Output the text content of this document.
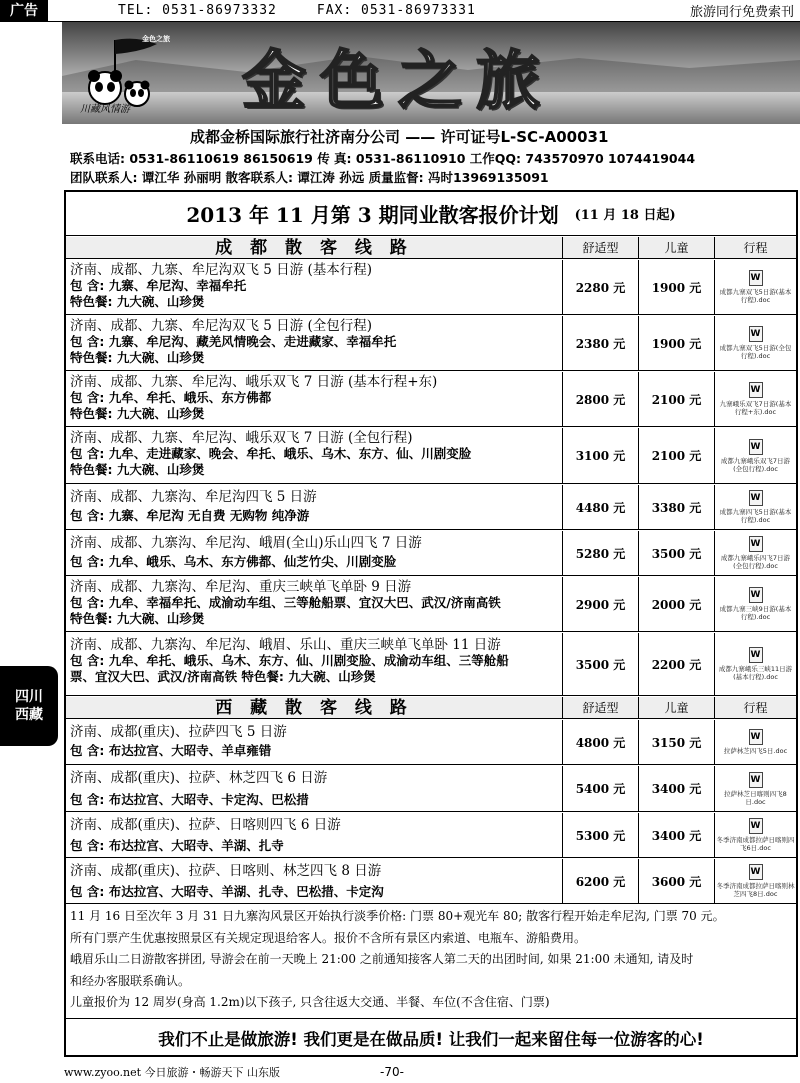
广告	TEL: 0531-86973332	FAX: 0531-86973331	旅游同行免费索刊
金色之旅
金色之旅
川藏风情游
成都金桥国际旅行社济南分公司 —— 许可证号L-SC-A00031
联系电话: 0531-86110619 86150619 传 真: 0531-86110910 工作QQ: 743570970 1074419044
团队联系人: 谭江华 孙丽明 散客联系人: 谭江涛 孙远 质量监督: 冯时13969135091
四川
西藏
2013 年 11 月第 3 期同业散客报价计划 (11 月 18 日起)
成 都 散 客 线 路	舒适型	儿童	行程
济南、成都、九寨、牟尼沟双飞 5 日游 (基本行程)
包 含: 九寨、牟尼沟、幸福牟托
特色餐: 九大碗、山珍煲
2280 元	1900 元
W
成都九寨双飞5日游(基本行程).doc
济南、成都、九寨、牟尼沟双飞 5 日游 (全包行程)
包 含: 九寨、牟尼沟、藏羌风情晚会、走进藏家、幸福牟托
特色餐: 九大碗、山珍煲
2380 元	1900 元
W
成都九寨双飞5日游(全包行程).doc
济南、成都、九寨、牟尼沟、峨乐双飞 7 日游 (基本行程+东)
包 含: 九牟、牟托、峨乐、东方佛都
特色餐: 九大碗、山珍煲
2800 元	2100 元
W
九寨峨乐双飞7日游(基本行程+东).doc
济南、成都、九寨、牟尼沟、峨乐双飞 7 日游 (全包行程)
包 含: 九牟、走进藏家、晚会、牟托、峨乐、乌木、东方、仙、川剧变脸
特色餐: 九大碗、山珍煲
3100 元	2100 元
W
成都九寨峨乐双飞7日游(全包行程).doc
济南、成都、九寨沟、牟尼沟四飞 5 日游
包 含: 九寨、牟尼沟 无自费 无购物 纯净游
4480 元	3380 元
W
成都九寨四飞5日游(基本行程).doc
济南、成都、九寨沟、牟尼沟、峨眉(全山)乐山四飞 7 日游
包 含: 九牟、峨乐、乌木、东方佛都、仙芝竹尖、川剧变脸
5280 元	3500 元
W
成都九寨峨乐四飞7日游(全包行程).doc
济南、成都、九寨沟、牟尼沟、重庆三峡单飞单卧 9 日游
包 含: 九牟、幸福牟托、成渝动车组、三等舱船票、宜汉大巴、武汉/济南高铁
特色餐: 九大碗、山珍煲
2900 元	2000 元
W
成都九寨三峡9日游(基本行程).doc
济南、成都、九寨沟、牟尼沟、峨眉、乐山、重庆三峡单飞单卧 11 日游
包 含: 九牟、牟托、峨乐、乌木、东方、仙、川剧变脸、成渝动车组、三等舱船
票、宜汉大巴、武汉/济南高铁 特色餐: 九大碗、山珍煲
3500 元	2200 元
W
成都九寨峨乐三峡11日游(基本行程).doc
西 藏 散 客 线 路	舒适型	儿童	行程
济南、成都(重庆)、拉萨四飞 5 日游
包 含: 布达拉宫、大昭寺、羊卓雍错
4800 元	3150 元	W
拉萨林芝四飞5日.doc
济南、成都(重庆)、拉萨、林芝四飞 6 日游
包 含: 布达拉宫、大昭寺、卡定沟、巴松措
5400 元	3400 元
W
拉萨林芝日喀则四飞8日.doc
济南、成都(重庆)、拉萨、日喀则四飞 6 日游
包 含: 布达拉宫、大昭寺、羊湖、扎寺
5300 元	3400 元
W
冬季济南成都拉萨日喀则四飞6日.doc
济南、成都(重庆)、拉萨、日喀则、林芝四飞 8 日游
包 含: 布达拉宫、大昭寺、羊湖、扎寺、巴松措、卡定沟
6200 元	3600 元
W
冬季济南成都拉萨日喀则林芝四飞8日.doc
11 月 16 日至次年 3 月 31 日九寨沟风景区开始执行淡季价格: 门票 80+观光车 80; 散客行程开始走牟尼沟, 门票 70 元。
所有门票产生优惠按照景区有关规定现退给客人。报价不含所有景区内索道、电瓶车、游船费用。
峨眉乐山二日游散客拼团, 导游会在前一天晚上 21:00 之前通知接客人第二天的出团时间, 如果 21:00 未通知, 请及时
和经办客服联系确认。
儿童报价为 12 周岁(身高 1.2m)以下孩子, 只含往返大交通、半餐、车位(不含住宿、门票)
我们不止是做旅游! 我们更是在做品质! 让我们一起来留住每一位游客的心!
www.zyoo.net 今日旅游・畅游天下 山东版	-70-
